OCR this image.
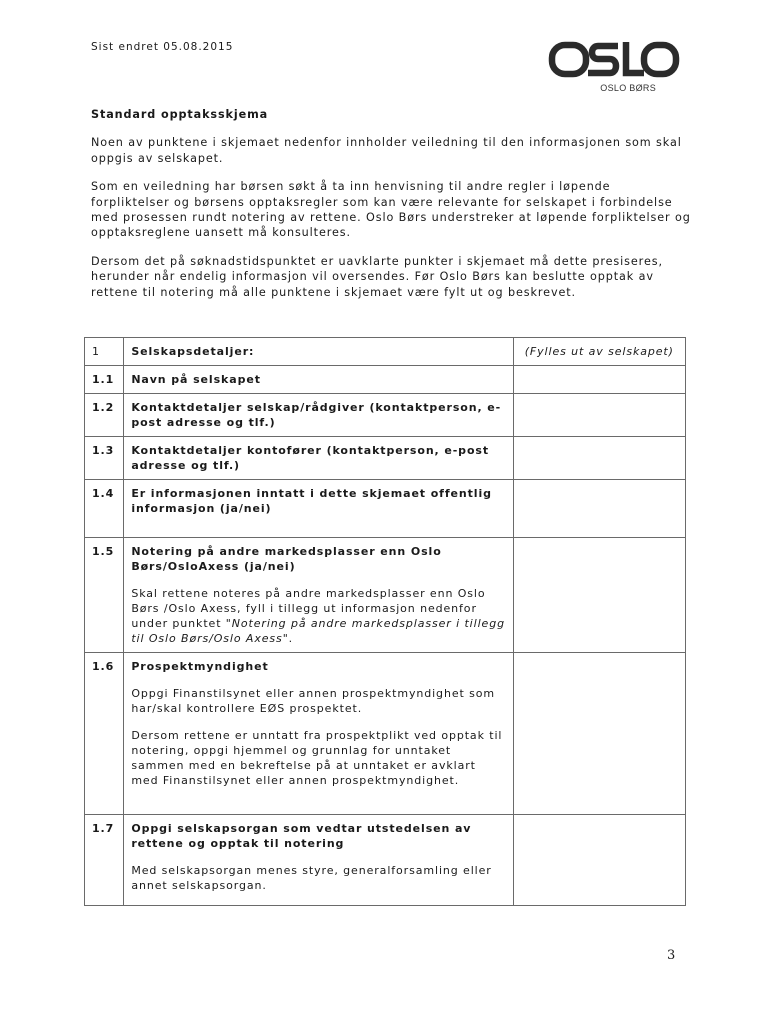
Sist endret 05.08.2015
OSLO BØRS
Standard opptaksskjema

Noen av punktene i skjemaet nedenfor innholder veiledning til den informasjonen som skal oppgis av selskapet.

Som en veiledning har børsen søkt å ta inn henvisning til andre regler i løpende forpliktelser og børsens opptaksregler som kan være relevante for selskapet i forbindelse med prosessen rundt notering av rettene. Oslo Børs understreker at løpende forpliktelser og opptaksreglene uansett må konsulteres.

Dersom det på søknadstidspunktet er uavklarte punkter i skjemaet må dette presiseres, herunder når endelig informasjon vil oversendes. Før Oslo Børs kan beslutte opptak av rettene til notering må alle punktene i skjemaet være fylt ut og beskrevet.

1	Selskapsdetaljer:	(Fylles ut av selskapet)
1.1	Navn på selskapet	

1.2	Kontaktdetaljer selskap/rådgiver (kontaktperson, e-post adresse og tlf.)	

1.3	Kontaktdetaljer kontofører (kontaktperson, e-post adresse og tlf.)	

1.4	Er informasjonen inntatt i dette skjemaet offentlig informasjon (ja/nei)	

1.5	Notering på andre markedsplasser enn Oslo Børs/OsloAxess (ja/nei)
Skal rettene noteres på andre markedsplasser enn Oslo Børs /Oslo Axess, fyll i tillegg ut informasjon nedenfor under punktet "Notering på andre markedsplasser i tillegg til Oslo Børs/Oslo Axess".	

1.6	Prospektmyndighet
Oppgi Finanstilsynet eller annen prospektmyndighet som har/skal kontrollere EØS prospektet.
Dersom rettene er unntatt fra prospektplikt ved opptak til notering, oppgi hjemmel og grunnlag for unntaket sammen med en bekreftelse på at unntaket er avklart med Finanstilsynet eller annen prospektmyndighet.	

1.7	Oppgi selskapsorgan som vedtar utstedelsen av rettene og opptak til notering
Med selskapsorgan menes styre, generalforsamling eller annet selskapsorgan.	

3
